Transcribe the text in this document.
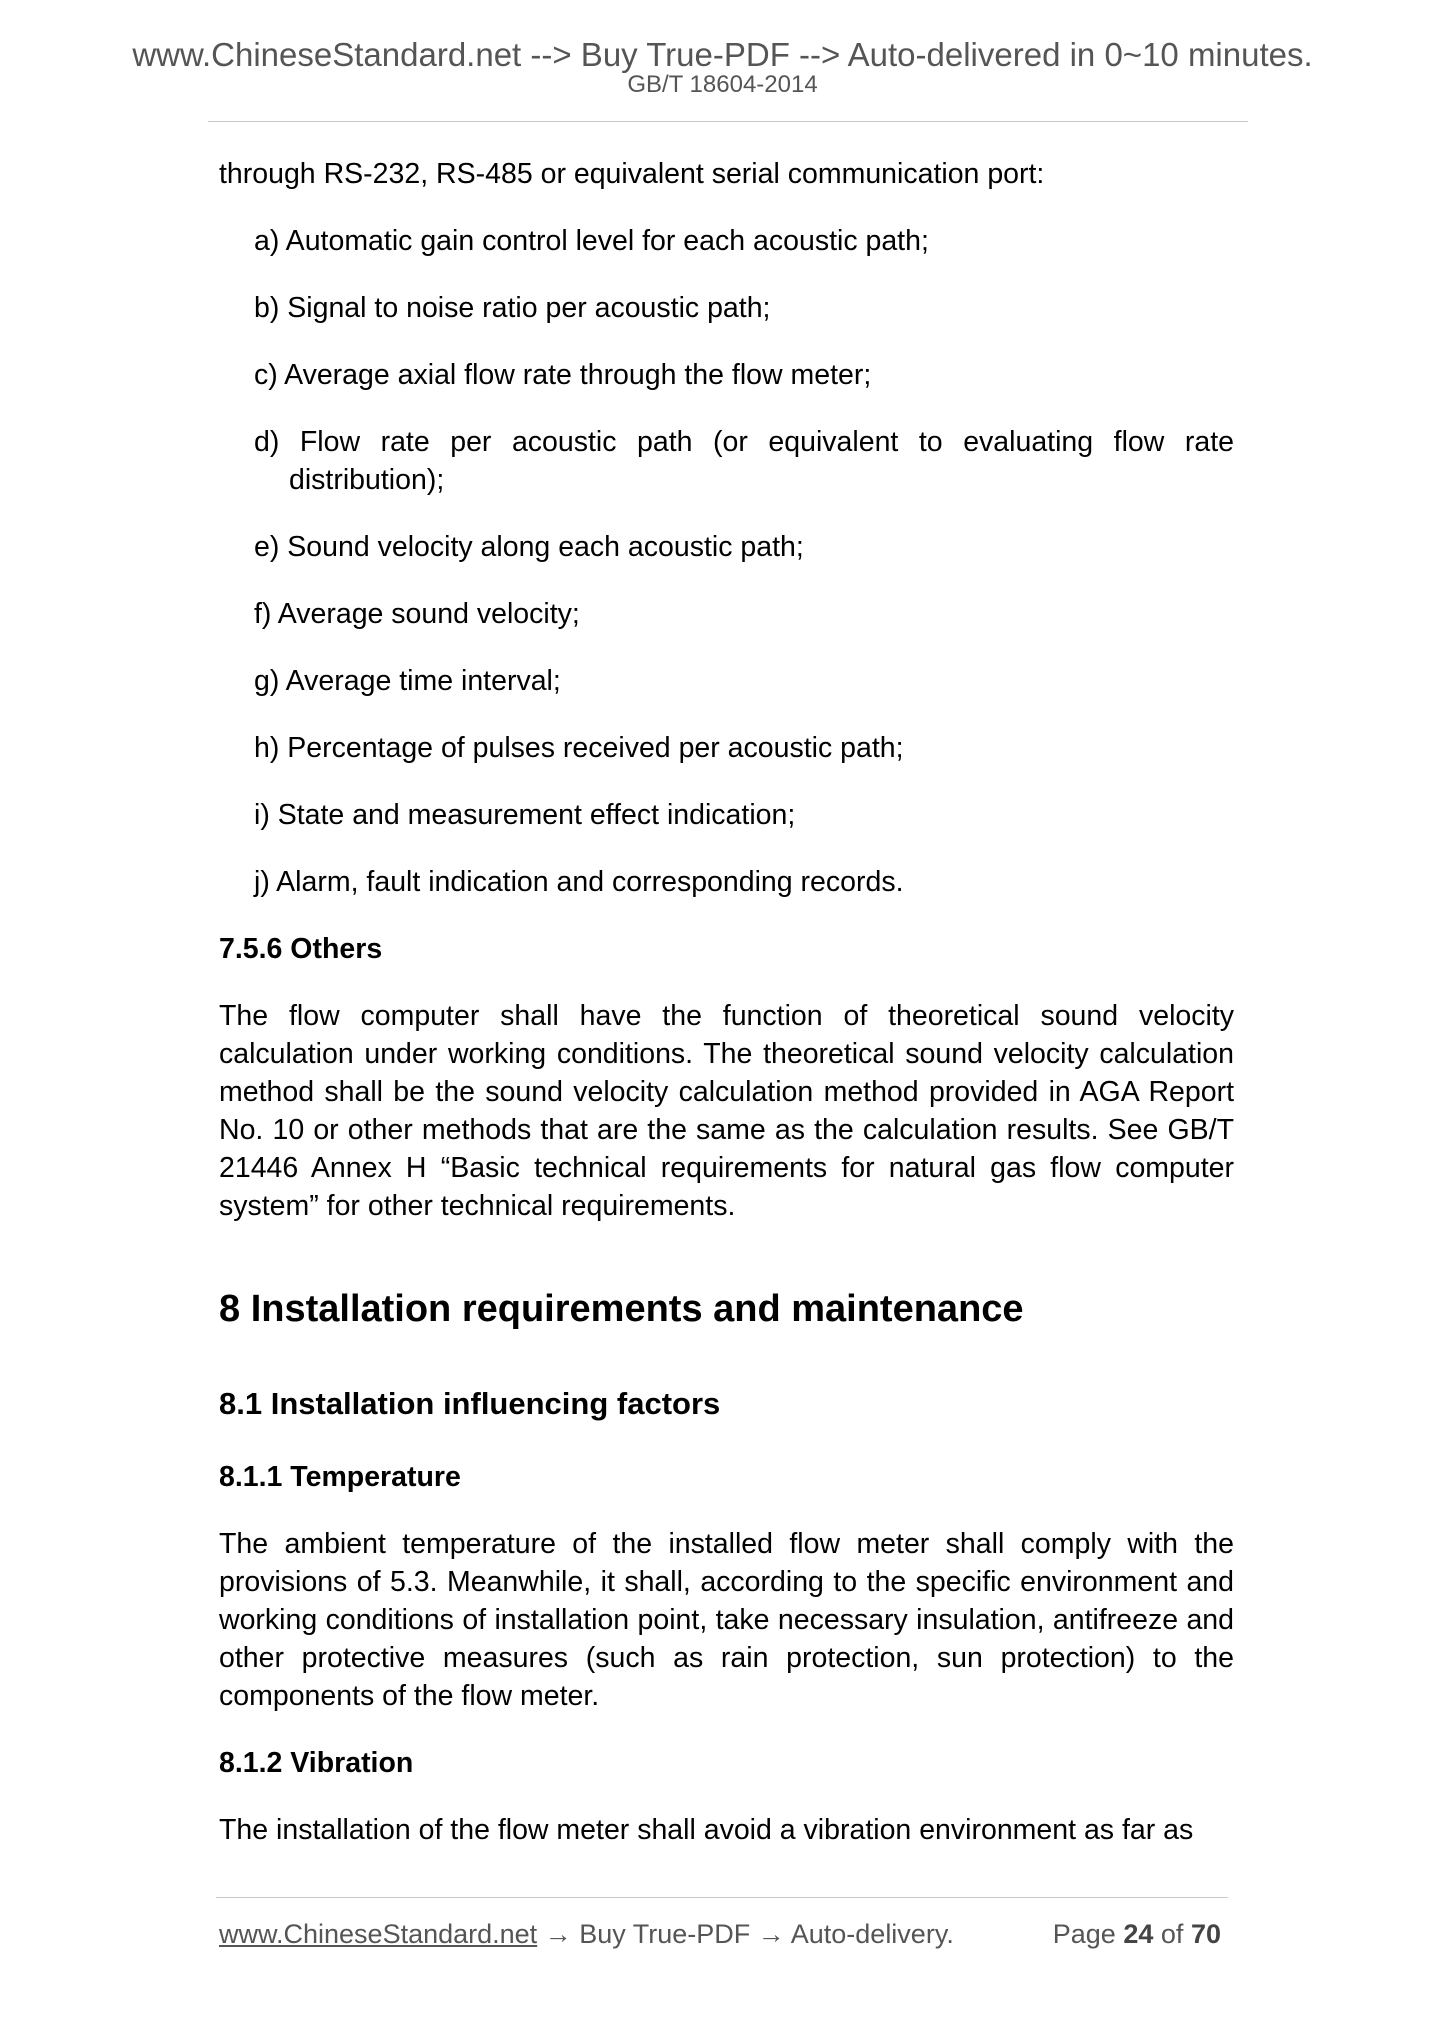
www.ChineseStandard.net --> Buy True-PDF --> Auto-delivered in 0~10 minutes.
GB/T 18604-2014

through RS-232, RS-485 or equivalent serial communication port:

a) Automatic gain control level for each acoustic path;

b) Signal to noise ratio per acoustic path;

c) Average axial flow rate through the flow meter;

d) Flow rate per acoustic path (or equivalent to evaluating flow rate distribution);

e) Sound velocity along each acoustic path;

f) Average sound velocity;

g) Average time interval;

h) Percentage of pulses received per acoustic path;

i) State and measurement effect indication;

j) Alarm, fault indication and corresponding records.

7.5.6 Others

The flow computer shall have the function of theoretical sound velocity calculation under working conditions. The theoretical sound velocity calculation method shall be the sound velocity calculation method provided in AGA Report No. 10 or other methods that are the same as the calculation results. See GB/T 21446 Annex H “Basic technical requirements for natural gas flow computer system” for other technical requirements.

8 Installation requirements and maintenance

8.1 Installation influencing factors

8.1.1 Temperature

The ambient temperature of the installed flow meter shall comply with the provisions of 5.3. Meanwhile, it shall, according to the specific environment and working conditions of installation point, take necessary insulation, antifreeze and other protective measures (such as rain protection, sun protection) to the components of the flow meter.

8.1.2 Vibration

The installation of the flow meter shall avoid a vibration environment as far as

www.ChineseStandard.net → Buy True-PDF → Auto-delivery.	Page 24 of 70
